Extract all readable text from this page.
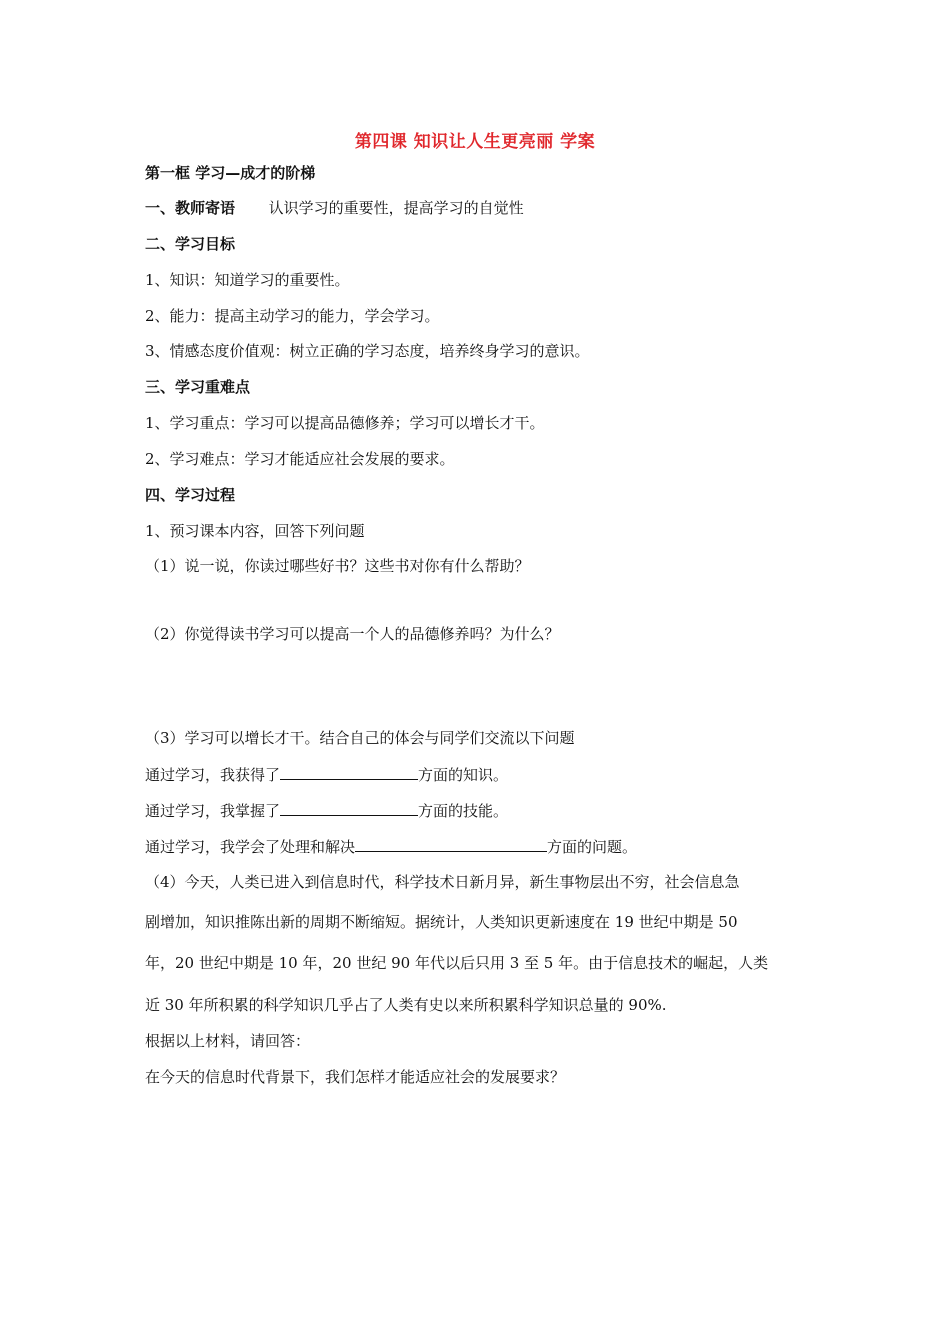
第四课 知识让人生更亮丽 学案
第一框 学习—成才的阶梯
一、教师寄语 认识学习的重要性，提高学习的自觉性
二、学习目标
1、知识：知道学习的重要性。
2、能力：提高主动学习的能力，学会学习。
3、情感态度价值观：树立正确的学习态度，培养终身学习的意识。
三、学习重难点
1、学习重点：学习可以提高品德修养；学习可以增长才干。
2、学习难点：学习才能适应社会发展的要求。
四、学习过程
1、预习课本内容，回答下列问题
（1）说一说，你读过哪些好书？这些书对你有什么帮助？
（2）你觉得读书学习可以提高一个人的品德修养吗？为什么？
（3）学习可以增长才干。结合自己的体会与同学们交流以下问题
通过学习，我获得了	方面的知识。
通过学习，我掌握了	方面的技能。
通过学习，我学会了处理和解决	方面的问题。
（4）今天，人类已进入到信息时代，科学技术日新月异，新生事物层出不穷，社会信息急
剧增加，知识推陈出新的周期不断缩短。据统计，人类知识更新速度在 19 世纪中期是 50
年，20 世纪中期是 10 年，20 世纪 90 年代以后只用 3 至 5 年。由于信息技术的崛起，人类
近 30 年所积累的科学知识几乎占了人类有史以来所积累科学知识总量的 90%.
根据以上材料，请回答：
在今天的信息时代背景下，我们怎样才能适应社会的发展要求？
